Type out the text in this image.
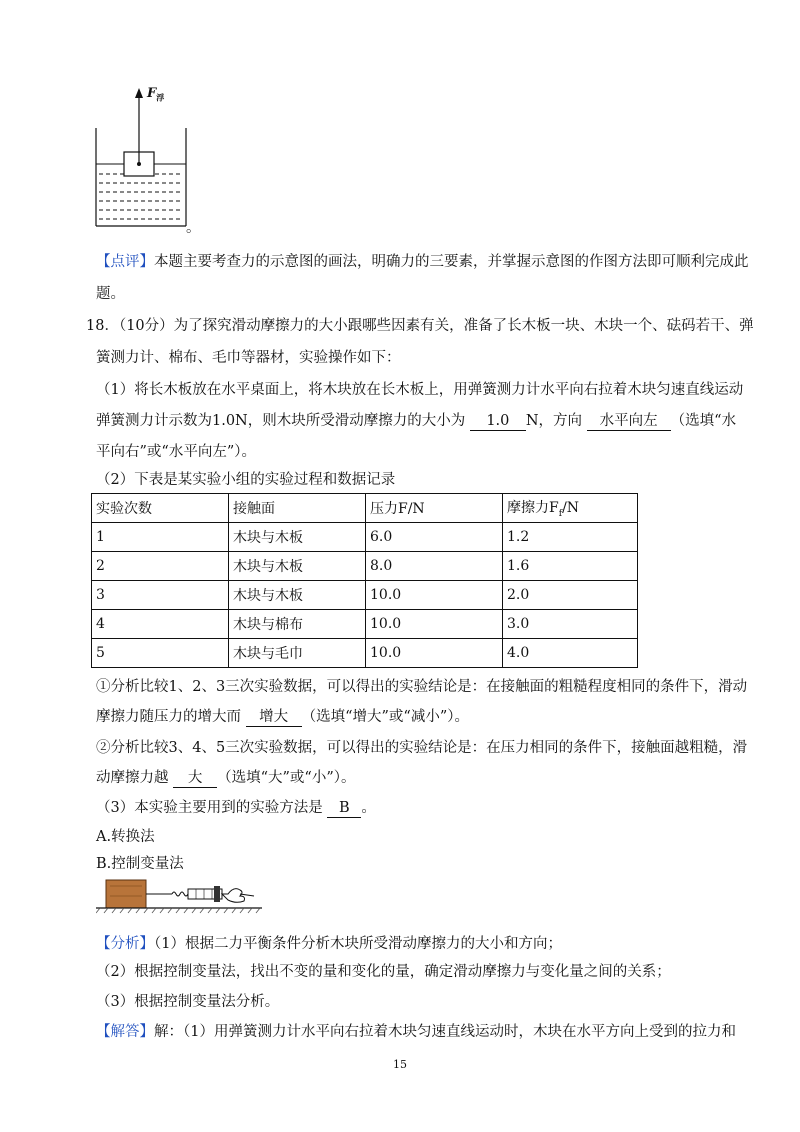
$F_浮$
。
【点评】本题主要考查力的示意图的画法，明确力的三要素，并掌握示意图的作图方法即可顺利完成此
题。
18．（10分）为了探究滑动摩擦力的大小跟哪些因素有关，准备了长木板一块、木块一个、砝码若干、弹
簧测力计、棉布、毛巾等器材，实验操作如下：
（1）将长木板放在水平桌面上，将木块放在长木板上，用弹簧测力计水平向右拉着木块匀速直线运动
弹簧测力计示数为1.0N，则木块所受滑动摩擦力的大小为 1.0 N，方向 水平向左 （选填“水
平向右”或“水平向左”）。
（2）下表是某实验小组的实验过程和数据记录
实验次数	接触面	压力F/N	摩擦力$F_f/N$
1	木块与木板	6.0	1.2
2	木块与木板	8.0	1.6
3	木块与木板	10.0	2.0
4	木块与棉布	10.0	3.0
5	木块与毛巾	10.0	4.0
①分析比较1、2、3三次实验数据，可以得出的实验结论是：在接触面的粗糙程度相同的条件下，滑动
摩擦力随压力的增大而 增大 （选填“增大”或“减小”）。
②分析比较3、4、5三次实验数据，可以得出的实验结论是：在压力相同的条件下，接触面越粗糙，滑
动摩擦力越 大 （选填“大”或“小”）。
（3）本实验主要用到的实验方法是 B 。
A.转换法
B.控制变量法
【分析】（1）根据二力平衡条件分析木块所受滑动摩擦力的大小和方向；
（2）根据控制变量法，找出不变的量和变化的量，确定滑动摩擦力与变化量之间的关系；
（3）根据控制变量法分析。
【解答】解：（1）用弹簧测力计水平向右拉着木块匀速直线运动时，木块在水平方向上受到的拉力和
15
